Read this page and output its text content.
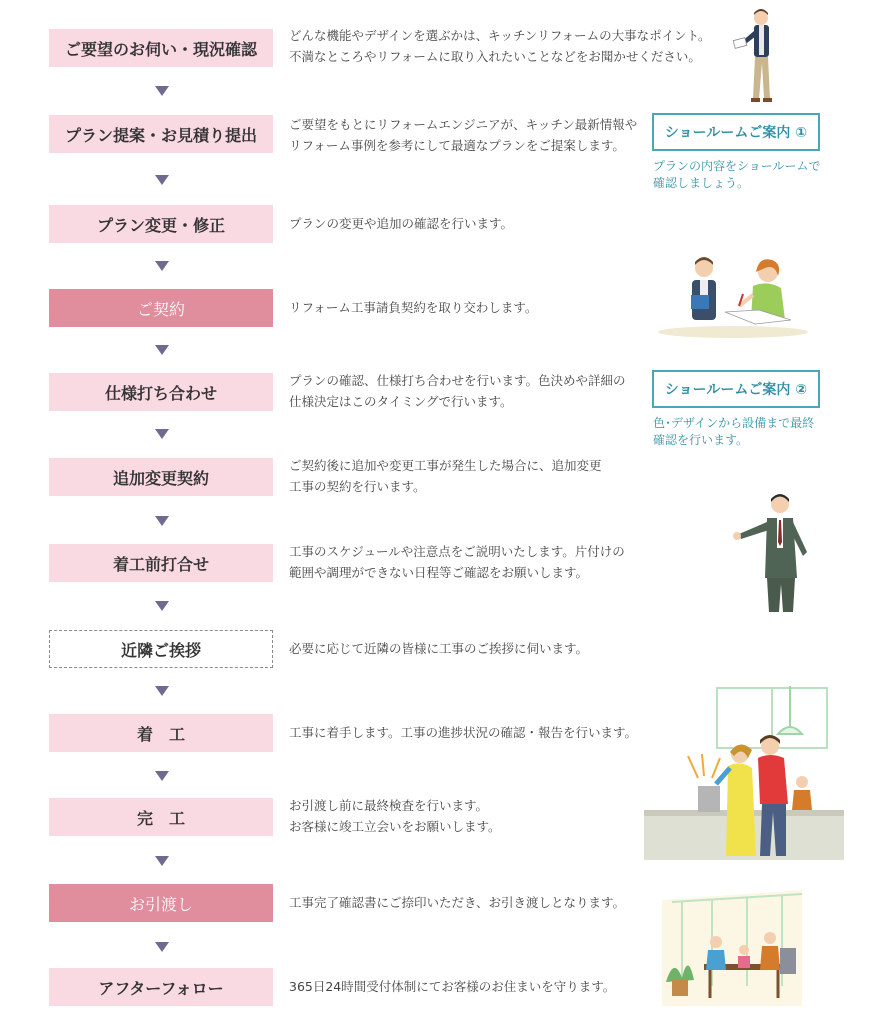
ご要望のお伺い・現況確認
プラン提案・お見積り提出
プラン変更・修正
ご契約
仕様打ち合わせ
追加変更契約
着工前打合せ
近隣ご挨拶
着　工
完　工
お引渡し
アフターフォロー
どんな機能やデザインを選ぶかは、キッチンリフォームの大事なポイント。
不満なところやリフォームに取り入れたいことなどをお聞かせください。
ご要望をもとにリフォームエンジニアが、キッチン最新情報や
リフォーム事例を参考にして最適なプランをご提案します。
プランの変更や追加の確認を行います。
リフォーム工事請負契約を取り交わします。
プランの確認、仕様打ち合わせを行います。色決めや詳細の
仕様決定はこのタイミングで行います。
ご契約後に追加や変更工事が発生した場合に、追加変更
工事の契約を行います。
工事のスケジュールや注意点をご説明いたします。片付けの
範囲や調理ができない日程等ご確認をお願いします。
必要に応じて近隣の皆様に工事のご挨拶に伺います。
工事に着手します。工事の進捗状況の確認・報告を行います。
お引渡し前に最終検査を行います。
お客様に竣工立会いをお願いします。
工事完了確認書にご捺印いただき、お引き渡しとなります。
365日24時間受付体制にてお客様のお住まいを守ります。
ショールームご案内 ①
プランの内容をショールームで
確認しましょう。
ショールームご案内 ②
色･デザインから設備まで最終
確認を行います。
